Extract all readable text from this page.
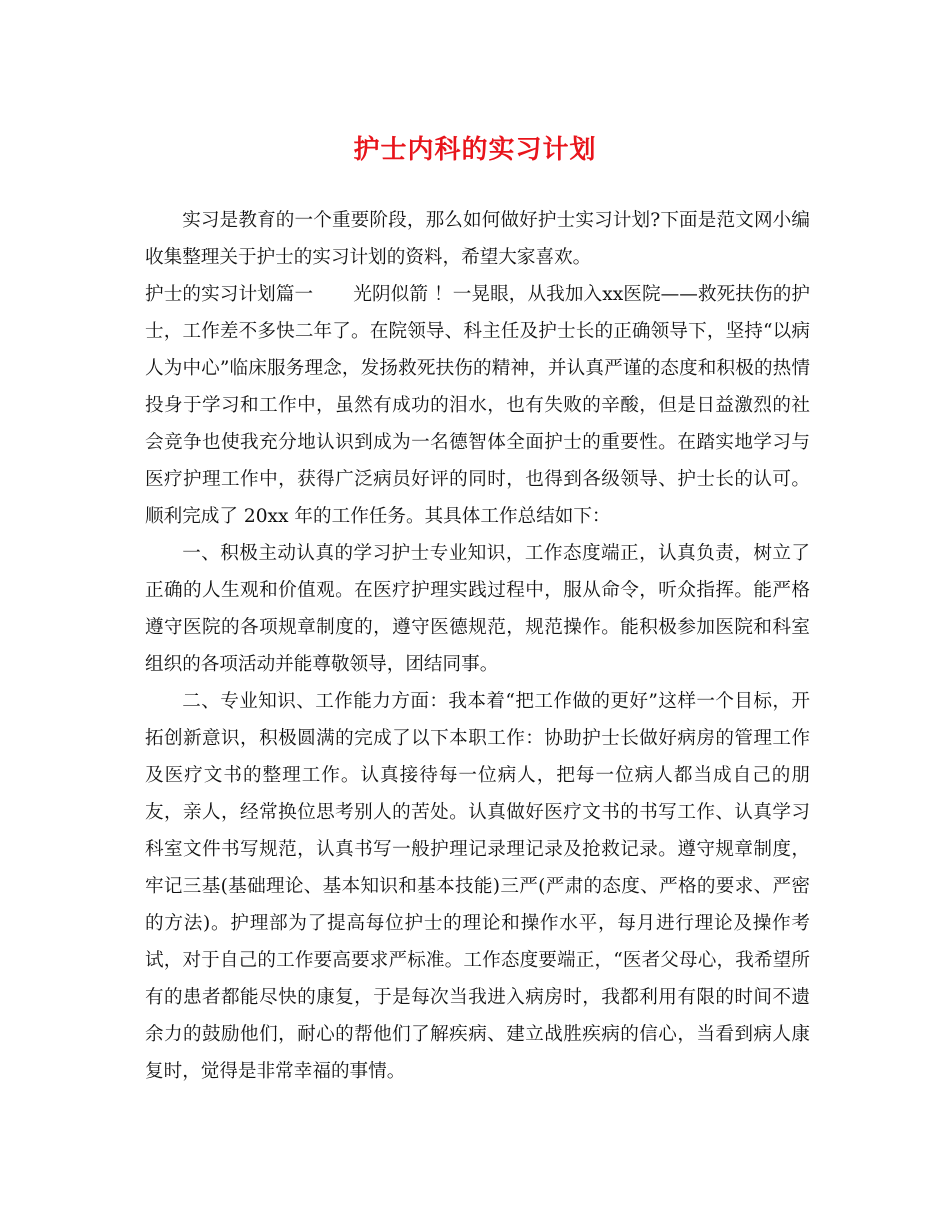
护士内科的实习计划

实习是教育的一个重要阶段，那么如何做好护士实习计划?下面是范文网小编收集整理关于护士的实习计划的资料，希望大家喜欢。

护士的实习计划篇一 光阴似箭 ！一晃眼，从我加入xx医院——救死扶伤的护士，工作差不多快二年了。在院领导、科主任及护士长的正确领导下，坚持“以病人为中心”临床服务理念，发扬救死扶伤的精神，并认真严谨的态度和积极的热情投身于学习和工作中，虽然有成功的泪水，也有失败的辛酸，但是日益激烈的社会竞争也使我充分地认识到成为一名德智体全面护士的重要性。在踏实地学习与医疗护理工作中，获得广泛病员好评的同时，也得到各级领导、护士长的认可。顺利完成了 20xx 年的工作任务。其具体工作总结如下：

一、积极主动认真的学习护士专业知识，工作态度端正，认真负责，树立了正确的人生观和价值观。在医疗护理实践过程中，服从命令，听众指挥。能严格遵守医院的各项规章制度的，遵守医德规范，规范操作。能积极参加医院和科室组织的各项活动并能尊敬领导，团结同事。

二、专业知识、工作能力方面：我本着“把工作做的更好”这样一个目标，开拓创新意识，积极圆满的完成了以下本职工作：协助护士长做好病房的管理工作及医疗文书的整理工作。认真接待每一位病人，把每一位病人都当成自己的朋友，亲人，经常换位思考别人的苦处。认真做好医疗文书的书写工作、认真学习科室文件书写规范，认真书写一般护理记录理记录及抢救记录。遵守规章制度，牢记三基(基础理论、基本知识和基本技能)三严(严肃的态度、严格的要求、严密的方法)。护理部为了提高每位护士的理论和操作水平，每月进行理论及操作考试，对于自己的工作要高要求严标准。工作态度要端正，“医者父母心，我希望所有的患者都能尽快的康复，于是每次当我进入病房时，我都利用有限的时间不遗余力的鼓励他们，耐心的帮他们了解疾病、建立战胜疾病的信心，当看到病人康复时，觉得是非常幸福的事情。
